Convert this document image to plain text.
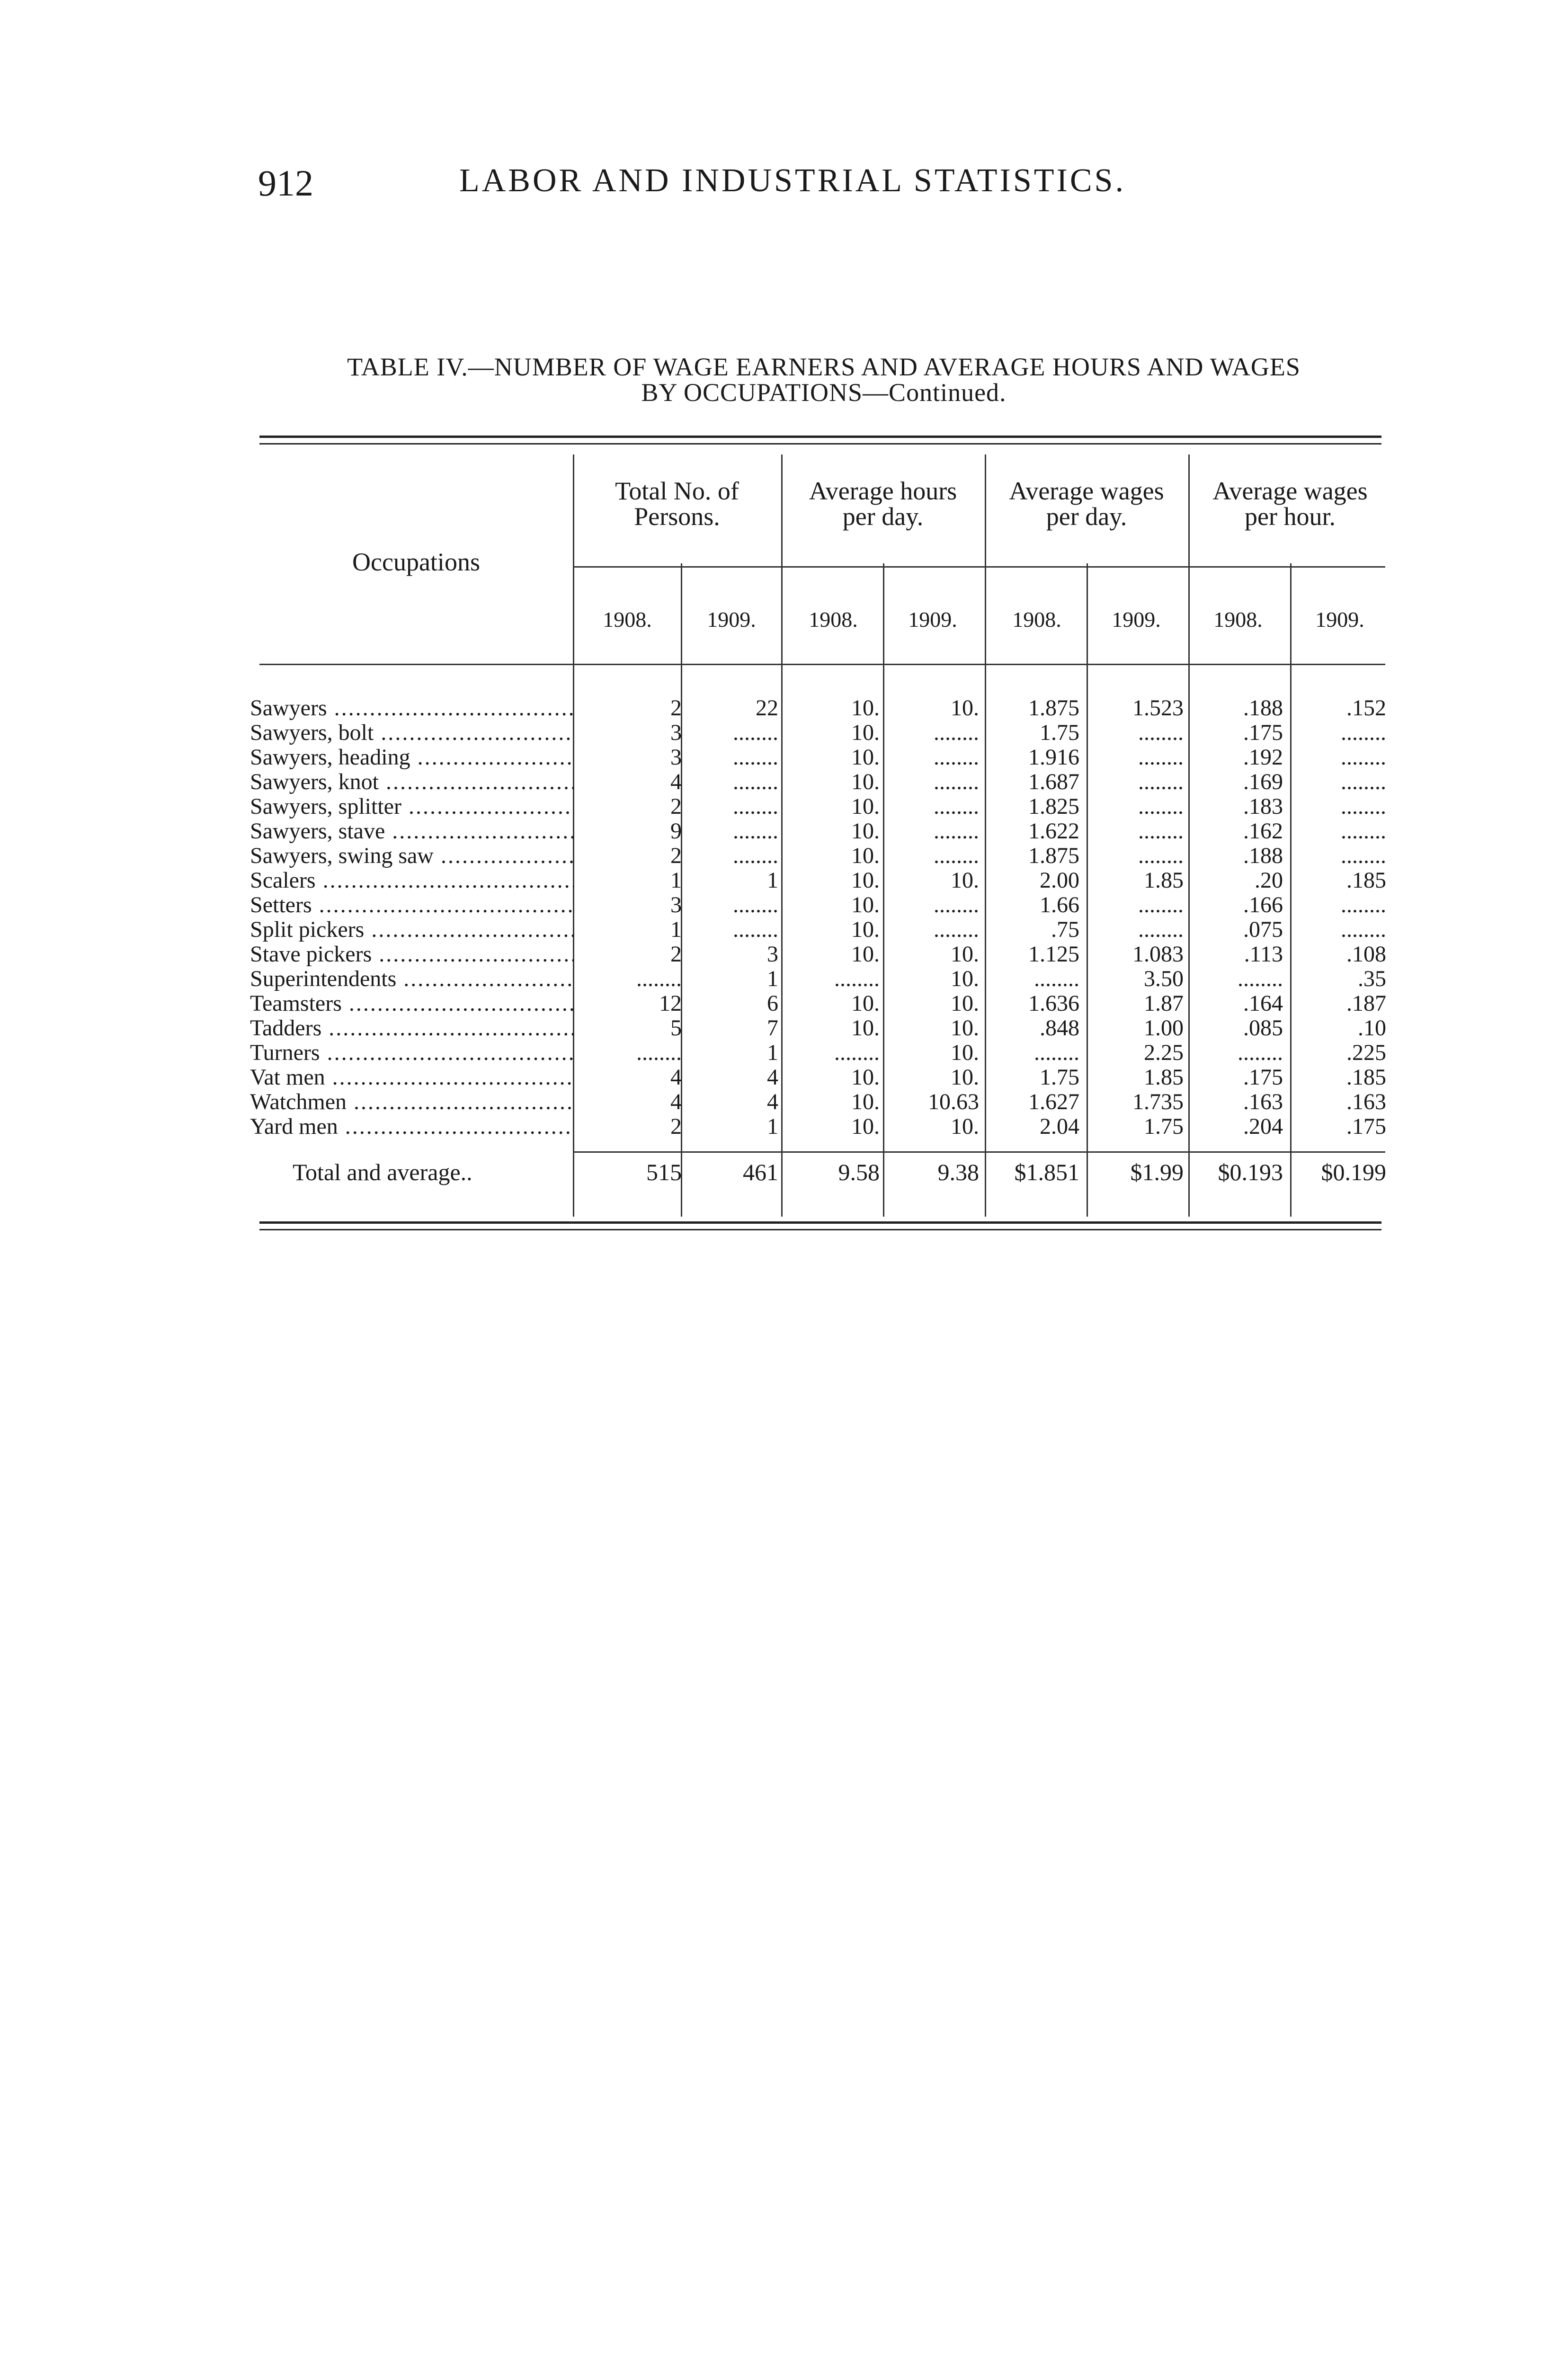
912	LABOR AND INDUSTRIAL STATISTICS.
TABLE IV.—NUMBER OF WAGE EARNERS AND AVERAGE HOURS AND WAGES
BY OCCUPATIONS—Continued.
Occupations
Total No. of
Persons.
Average hours
per day.
Average wages
per day.
Average wages
per hour.
1908.	1909.	1908.	1909.	1908.	1909.	1908.	1909.
Sawyers .....	2	22	10.	10.	1.875	1.523	.188	.152
Sawyers, bolt .....	3	........	10.	........	1.75	........	.175	........
Sawyers, heading .....	3	........	10.	........	1.916	........	.192	........
Sawyers, knot .....	4	........	10.	........	1.687	........	.169	........
Sawyers, splitter .....	2	........	10.	........	1.825	........	.183	........
Sawyers, stave .....	9	........	10.	........	1.622	........	.162	........
Sawyers, swing saw .....	2	........	10.	........	1.875	........	.188	........
Scalers .....	1	1	10.	10.	2.00	1.85	.20	.185
Setters .....	3	........	10.	........	1.66	........	.166	........
Split pickers .....	1	........	10.	........	.75	........	.075	........
Stave pickers .....	2	3	10.	10.	1.125	1.083	.113	.108
Superintendents .....	........	1	........	10.	........	3.50	........	.35
Teamsters .....	12	6	10.	10.	1.636	1.87	.164	.187
Tadders .....	5	7	10.	10.	.848	1.00	.085	.10
Turners .....	........	1	........	10.	........	2.25	........	.225
Vat men .....	4	4	10.	10.	1.75	1.85	.175	.185
Watchmen .....	4	4	10.	10.63	1.627	1.735	.163	.163
Yard men .....	2	1	10.	10.	2.04	1.75	.204	.175
Total and average..	515	461	9.58	9.38	$1.851	$1.99	$0.193	$0.199
